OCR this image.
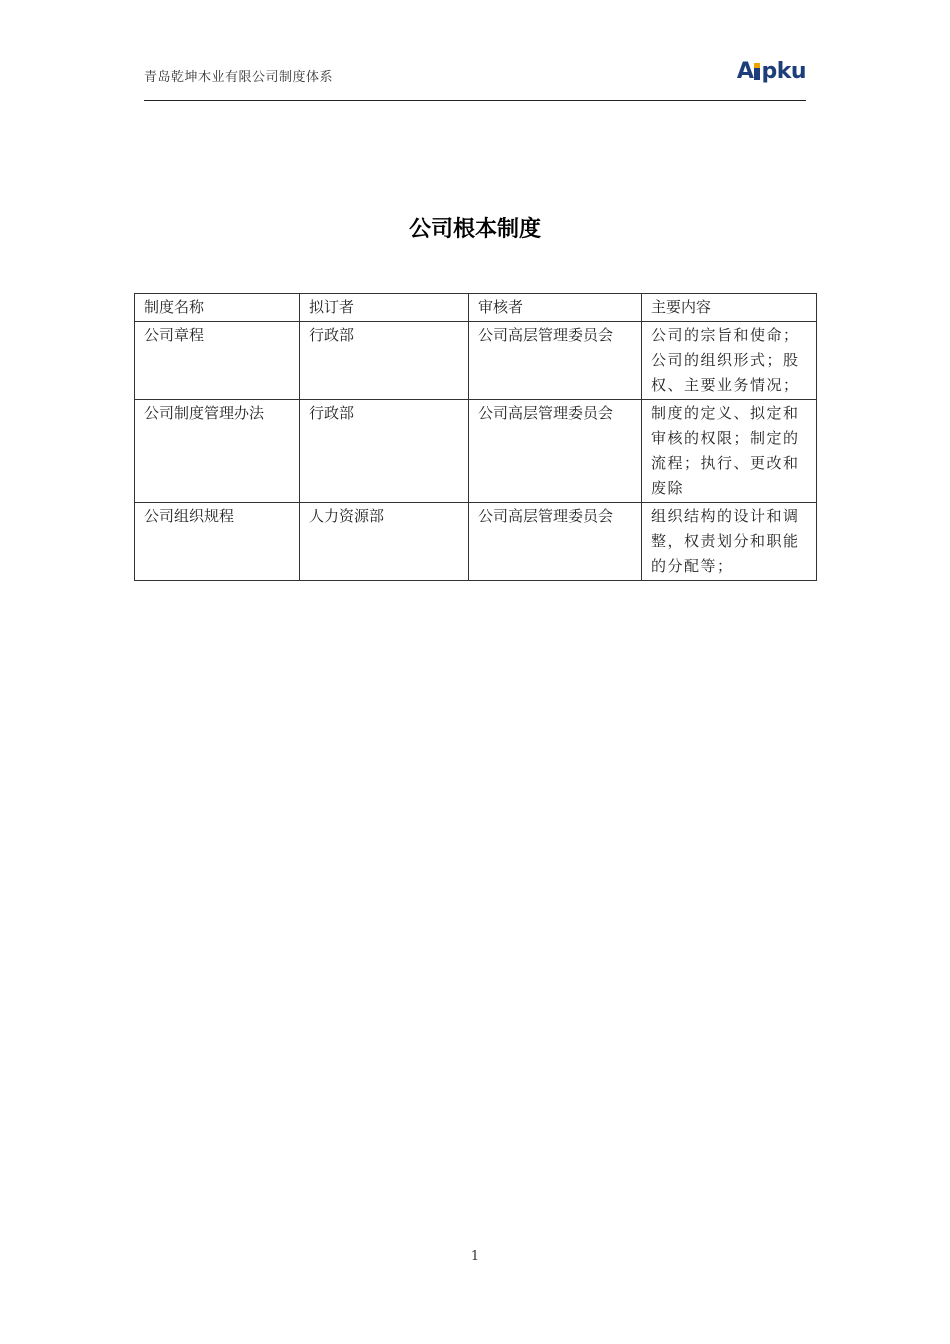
青岛乾坤木业有限公司制度体系	A pku
公司根本制度
制度名称	拟订者	审核者	主要内容
公司章程	行政部	公司高层管理委员会	公司的宗旨和使命；公司的组织形式；股权、主要业务情况；
公司制度管理办法	行政部	公司高层管理委员会	制度的定义、拟定和审核的权限；制定的流程；执行、更改和废除
公司组织规程	人力资源部	公司高层管理委员会	组织结构的设计和调整，权责划分和职能的分配等；
1
